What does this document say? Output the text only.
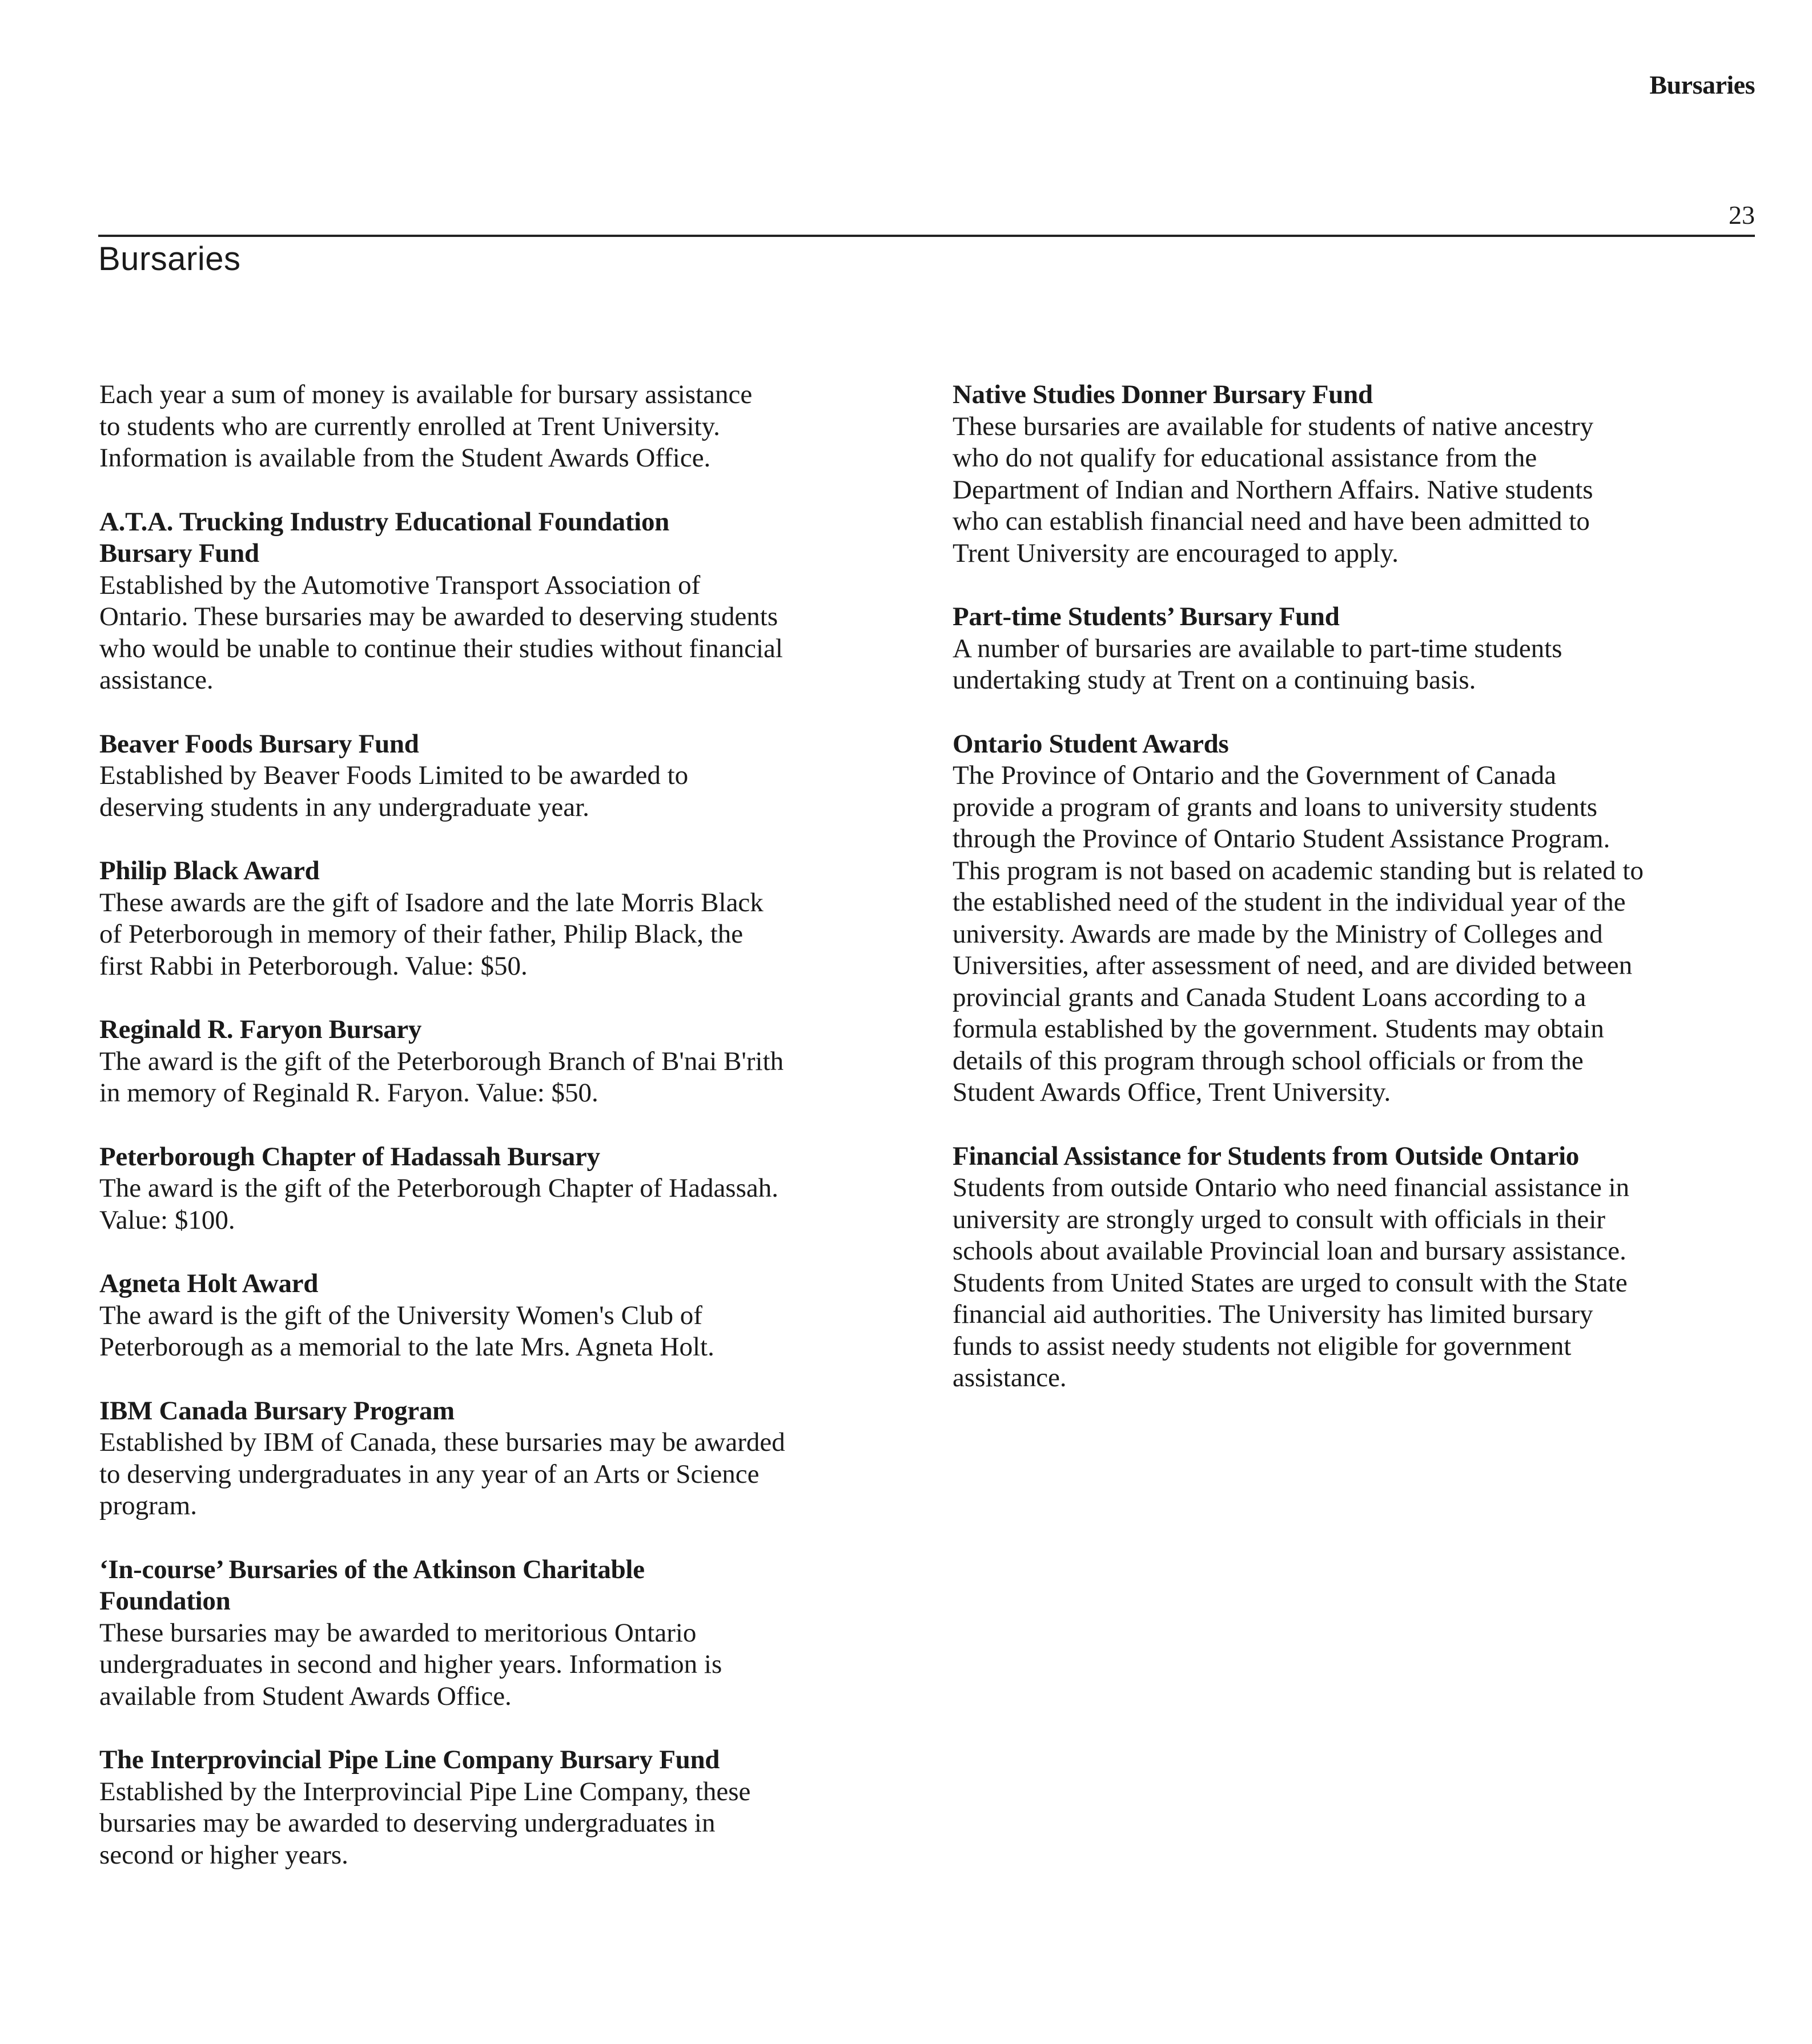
Bursaries
23
Bursaries

Each year a sum of money is available for bursary assistance
to students who are currently enrolled at Trent University.
Information is available from the Student Awards Office.

A.T.A. Trucking Industry Educational Foundation
Bursary Fund

Established by the Automotive Transport Association of
Ontario. These bursaries may be awarded to deserving students
who would be unable to continue their studies without financial
assistance.

Beaver Foods Bursary Fund

Established by Beaver Foods Limited to be awarded to
deserving students in any undergraduate year.

Philip Black Award

These awards are the gift of Isadore and the late Morris Black
of Peterborough in memory of their father, Philip Black, the
first Rabbi in Peterborough. Value: $50.

Reginald R. Faryon Bursary

The award is the gift of the Peterborough Branch of B'nai B'rith
in memory of Reginald R. Faryon. Value: $50.

Peterborough Chapter of Hadassah Bursary

The award is the gift of the Peterborough Chapter of Hadassah.
Value: $100.

Agneta Holt Award

The award is the gift of the University Women's Club of
Peterborough as a memorial to the late Mrs. Agneta Holt.

IBM Canada Bursary Program

Established by IBM of Canada, these bursaries may be awarded
to deserving undergraduates in any year of an Arts or Science
program.

‘In-course’ Bursaries of the Atkinson Charitable
Foundation

These bursaries may be awarded to meritorious Ontario
undergraduates in second and higher years. Information is
available from Student Awards Office.

The Interprovincial Pipe Line Company Bursary Fund

Established by the Interprovincial Pipe Line Company, these
bursaries may be awarded to deserving undergraduates in
second or higher years.

Native Studies Donner Bursary Fund

These bursaries are available for students of native ancestry
who do not qualify for educational assistance from the
Department of Indian and Northern Affairs. Native students
who can establish financial need and have been admitted to
Trent University are encouraged to apply.

Part-time Students’ Bursary Fund

A number of bursaries are available to part-time students
undertaking study at Trent on a continuing basis.

Ontario Student Awards

The Province of Ontario and the Government of Canada
provide a program of grants and loans to university students
through the Province of Ontario Student Assistance Program.
This program is not based on academic standing but is related to
the established need of the student in the individual year of the
university. Awards are made by the Ministry of Colleges and
Universities, after assessment of need, and are divided between
provincial grants and Canada Student Loans according to a
formula established by the government. Students may obtain
details of this program through school officials or from the
Student Awards Office, Trent University.

Financial Assistance for Students from Outside Ontario

Students from outside Ontario who need financial assistance in
university are strongly urged to consult with officials in their
schools about available Provincial loan and bursary assistance.
Students from United States are urged to consult with the State
financial aid authorities. The University has limited bursary
funds to assist needy students not eligible for government
assistance.
